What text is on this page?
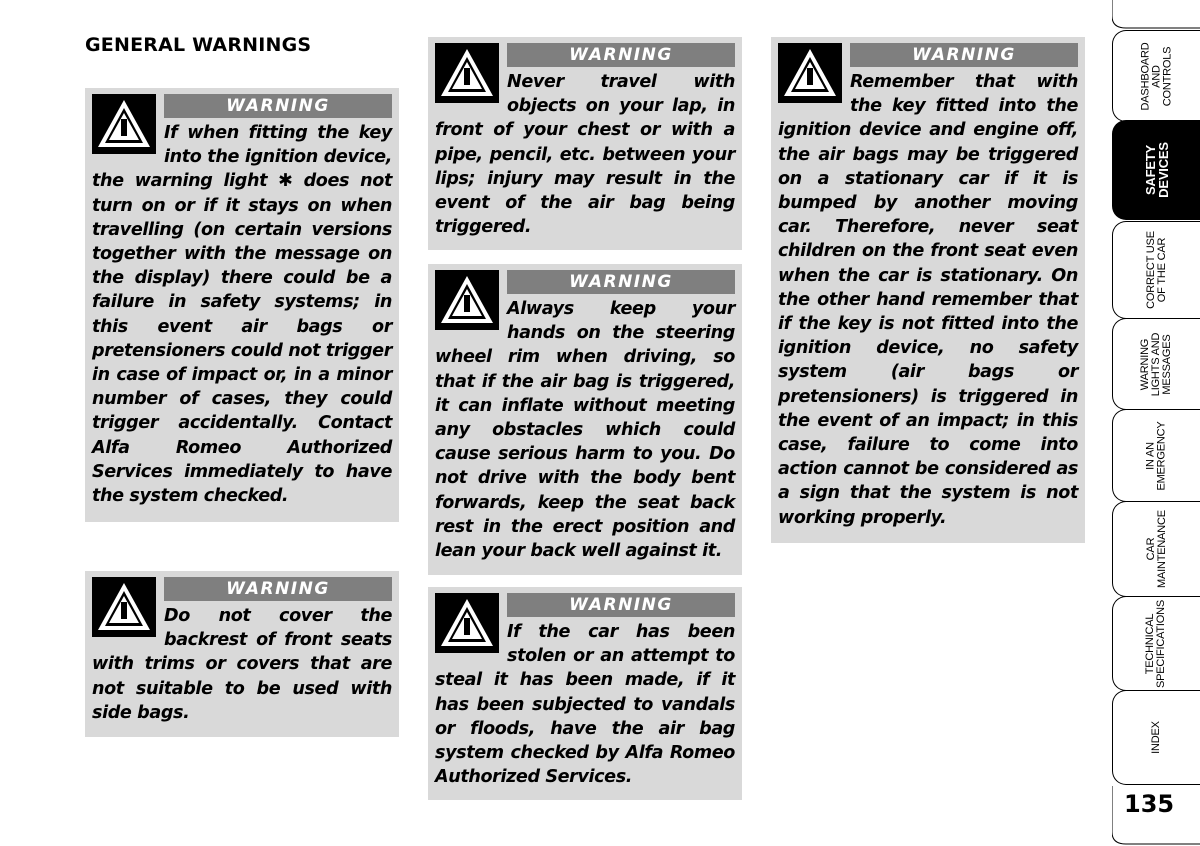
GENERAL WARNINGS
WARNING

If when fitting the key into the ignition device, the warning light ✱ does not turn on or if it stays on when travelling (on certain versions together with the message on the display) there could be a failure in safety systems; in this event air bags or pretensioners could not trigger in case of impact or, in a minor number of cases, they could trigger accidentally. Contact Alfa Romeo Authorized Services immediately to have the system checked.

WARNING

Do not cover the backrest of front seats with trims or covers that are not suitable to be used with side bags.

WARNING

Never travel with objects on your lap, in front of your chest or with a pipe, pencil, etc. between your lips; injury may result in the event of the air bag being triggered.

WARNING

Always keep your hands on the steering wheel rim when driving, so that if the air bag is triggered, it can inflate without meeting any obstacles which could cause serious harm to you. Do not drive with the body bent forwards, keep the seat back rest in the erect position and lean your back well against it.

WARNING

If the car has been stolen or an attempt to steal it has been made, if it has been subjected to vandals or floods, have the air bag system checked by Alfa Romeo Authorized Services.

WARNING

Remember that with the key fitted into the ignition device and engine off, the air bags may be triggered on a stationary car if it is bumped by another moving car. Therefore, never seat children on the front seat even when the car is stationary. On the other hand remember that if the key is not fitted into the ignition device, no safety system (air bags or pretensioners) is triggered in the event of an impact; in this case, failure to come into action cannot be considered as a sign that the system is not working properly.

DASHBOARD
AND
CONTROLS
SAFETY
DEVICES
CORRECT USE
OF THE CAR
WARNING
LIGHTS AND
MESSAGES
IN AN
EMERGENCY
CAR
MAINTENANCE
TECHNICAL
SPECIFICATIONS
INDEX
135
